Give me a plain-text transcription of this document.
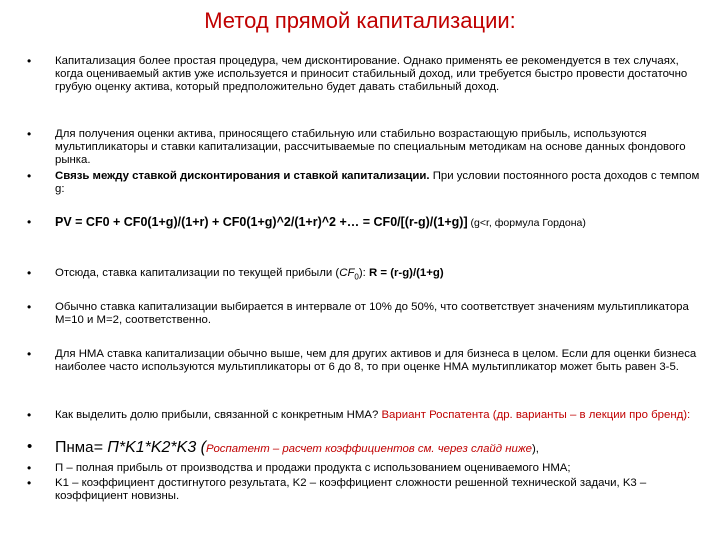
Метод прямой капитализации:
•	Капитализация более простая процедура, чем дисконтирование. Однако применять ее рекомендуется в тех случаях, когда оцениваемый актив уже используется и приносит стабильный доход, или требуется быстро провести достаточно грубую оценку актива, который предположительно будет давать стабильный доход.
•	Для получения оценки актива, приносящего стабильную или стабильно возрастающую прибыль, используются мультипликаторы и ставки капитализации, рассчитываемые по специальным методикам на основе данных фондового рынка.
•	Связь между ставкой дисконтирования и ставкой капитализации. При условии постоянного роста доходов с темпом g:
•	PV = CF0 + CF0(1+g)/(1+r) + CF0(1+g)^2/(1+r)^2 +… = CF0/[(r-g)/(1+g)] (g<r, формула Гордона)
•	Отсюда, ставка капитализации по текущей прибыли $(CF_0)$: R = (r-g)/(1+g)
•	Обычно ставка капитализации выбирается в интервале от 10% до 50%, что соответствует значениям мультипликатора M=10 и M=2, соответственно.
•	Для НМА ставка капитализации обычно выше, чем для других активов и для бизнеса в целом. Если для оценки бизнеса наиболее часто используются мультипликаторы от 6 до 8, то при оценке НМА мультипликатор может быть равен 3-5.
•	Как выделить долю прибыли, связанной с конкретным НМА? Вариант Роспатента (др. варианты – в лекции про бренд):
• Пнма= П*K1*K2*K3 (Роспатент – расчет коэффициентов см. через слайд ниже),
•	П – полная прибыль от производства и продажи продукта с использованием оцениваемого НМА;
•	K1 – коэффициент достигнутого результата, K2 – коэффициент сложности решенной технической задачи, K3 – коэффициент новизны.
